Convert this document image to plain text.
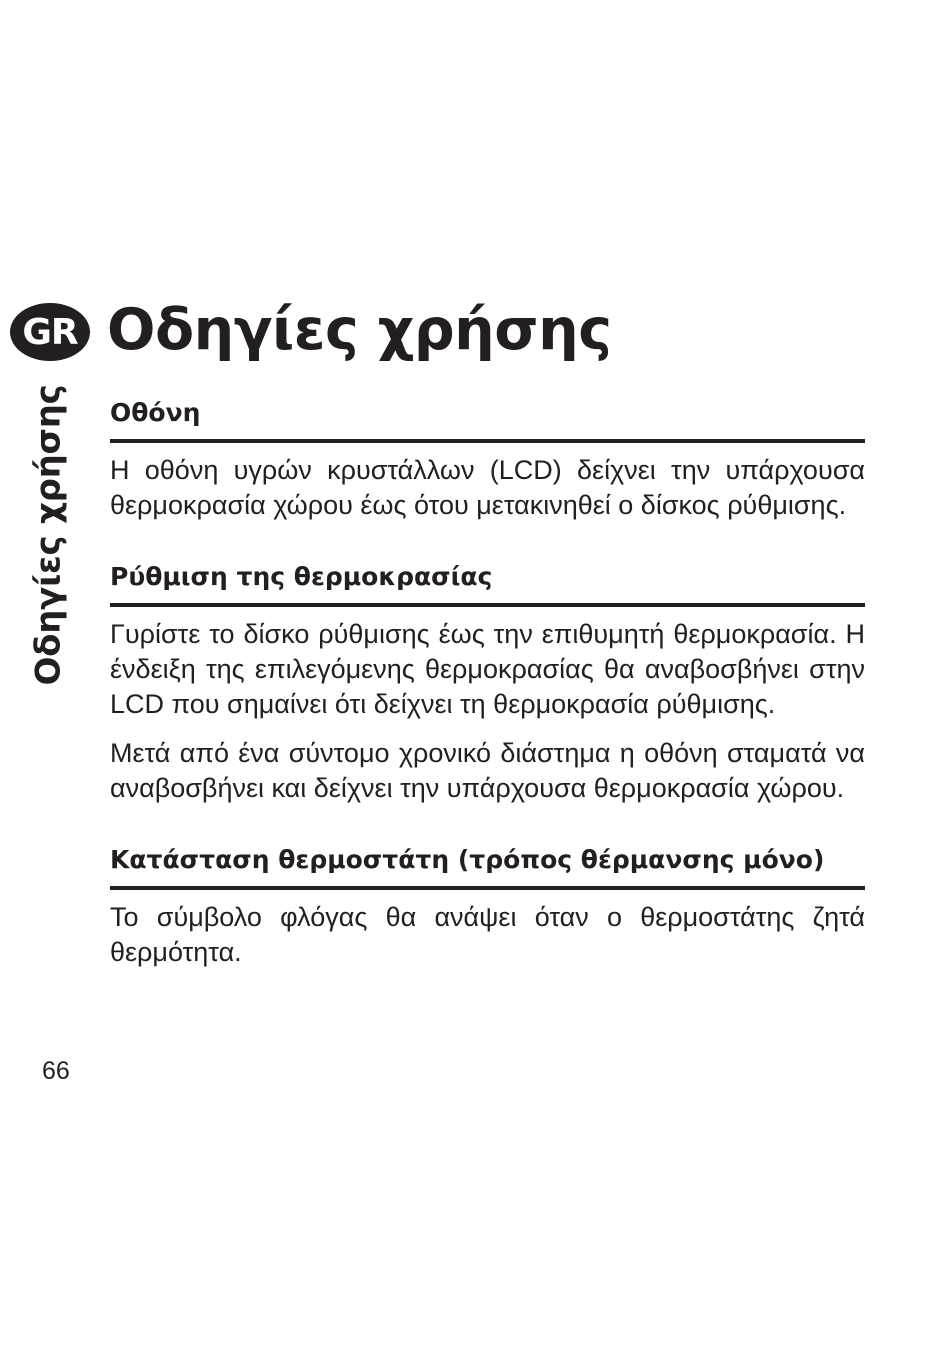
GR Οδηγίες χρήσης
Οδηγίες χρήσης Οθόνη

Η οθόνη υγρών κρυστάλλων (LCD) δείχνει την υπάρχουσα θερμοκρασία χώρου έως ότου μετακινηθεί ο δίσκος ρύθμισης.

Ρύθμιση της θερμοκρασίας

Γυρίστε το δίσκο ρύθμισης έως την επιθυμητή θερμοκρασία. Η ένδειξη της επιλεγόμενης θερμοκρασίας θα αναβοσβήνει στην LCD που σημαίνει ότι δείχνει τη θερμοκρασία ρύθμισης.

Μετά από ένα σύντομο χρονικό διάστημα η οθόνη σταματά να αναβοσβήνει και δείχνει την υπάρχουσα θερμοκρασία χώρου.

Κατάσταση θερμοστάτη (τρόπος θέρμανσης μόνο)

Το σύμβολο φλόγας θα ανάψει όταν ο θερμοστάτης ζητά θερμότητα.

66
